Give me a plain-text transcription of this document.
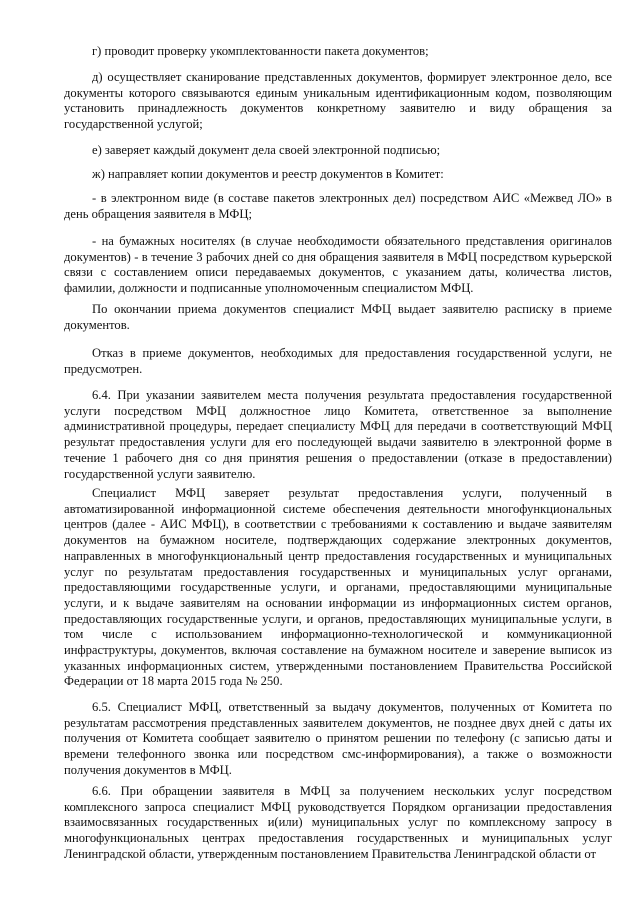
г) проводит проверку укомплектованности пакета документов;

д) осуществляет сканирование представленных документов, формирует электронное дело, все документы которого связываются единым уникальным идентификационным кодом, позволяющим установить принадлежность документов конкретному заявителю и виду обращения за государственной услугой;

е) заверяет каждый документ дела своей электронной подписью;

ж) направляет копии документов и реестр документов в Комитет:

- в электронном виде (в составе пакетов электронных дел) посредством АИС «Межвед ЛО» в день обращения заявителя в МФЦ;

- на бумажных носителях (в случае необходимости обязательного представления оригиналов документов) - в течение 3 рабочих дней со дня обращения заявителя в МФЦ посредством курьерской связи с составлением описи передаваемых документов, с указанием даты, количества листов, фамилии, должности и подписанные уполномоченным специалистом МФЦ.

По окончании приема документов специалист МФЦ выдает заявителю расписку в приеме документов.

Отказ в приеме документов, необходимых для предоставления государственной услуги, не предусмотрен.

6.4. При указании заявителем места получения результата предоставления государственной услуги посредством МФЦ должностное лицо Комитета, ответственное за выполнение административной процедуры, передает специалисту МФЦ для передачи в соответствующий МФЦ результат предоставления услуги для его последующей выдачи заявителю в электронной форме в течение 1 рабочего дня со дня принятия решения о предоставлении (отказе в предоставлении) государственной услуги заявителю.

Специалист МФЦ заверяет результат предоставления услуги, полученный в автоматизированной информационной системе обеспечения деятельности многофункциональных центров (далее - АИС МФЦ), в соответствии с требованиями к составлению и выдаче заявителям документов на бумажном носителе, подтверждающих содержание электронных документов, направленных в многофункциональный центр предоставления государственных и муниципальных услуг по результатам предоставления государственных и муниципальных услуг органами, предоставляющими государственные услуги, и органами, предоставляющими муниципальные услуги, и к выдаче заявителям на основании информации из информационных систем органов, предоставляющих государственные услуги, и органов, предоставляющих муниципальные услуги, в том числе с использованием информационно-технологической и коммуникационной инфраструктуры, документов, включая составление на бумажном носителе и заверение выписок из указанных информационных систем, утвержденными постановлением Правительства Российской Федерации от 18 марта 2015 года № 250.

6.5. Специалист МФЦ, ответственный за выдачу документов, полученных от Комитета по результатам рассмотрения представленных заявителем документов, не позднее двух дней с даты их получения от Комитета сообщает заявителю о принятом решении по телефону (с записью даты и времени телефонного звонка или посредством смс-информирования), а также о возможности получения документов в МФЦ.

6.6. При обращении заявителя в МФЦ за получением нескольких услуг посредством комплексного запроса специалист МФЦ руководствуется Порядком организации предоставления взаимосвязанных государственных и(или) муниципальных услуг по комплексному запросу в многофункциональных центрах предоставления государственных и муниципальных услуг Ленинградской области, утвержденным постановлением Правительства Ленинградской области от
